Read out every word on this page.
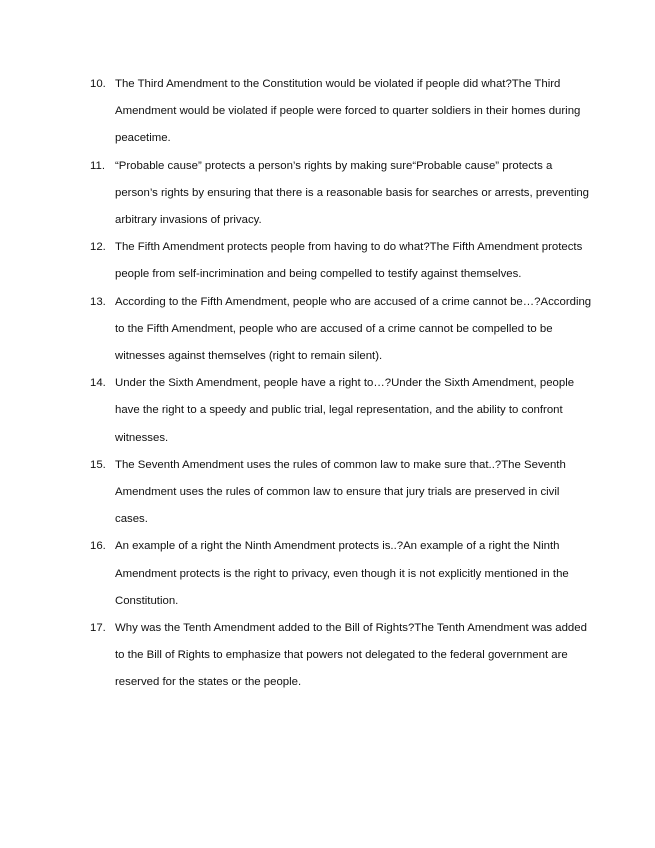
10. The Third Amendment to the Constitution would be violated if people did what?The Third Amendment would be violated if people were forced to quarter soldiers in their homes during peacetime.
11. “Probable cause” protects a person’s rights by making sure“Probable cause” protects a person’s rights by ensuring that there is a reasonable basis for searches or arrests, preventing arbitrary invasions of privacy.
12. The Fifth Amendment protects people from having to do what?The Fifth Amendment protects people from self-incrimination and being compelled to testify against themselves.
13. According to the Fifth Amendment, people who are accused of a crime cannot be…?According to the Fifth Amendment, people who are accused of a crime cannot be compelled to be witnesses against themselves (right to remain silent).
14. Under the Sixth Amendment, people have a right to…?Under the Sixth Amendment, people have the right to a speedy and public trial, legal representation, and the ability to confront witnesses.
15. The Seventh Amendment uses the rules of common law to make sure that..?The Seventh Amendment uses the rules of common law to ensure that jury trials are preserved in civil cases.
16. An example of a right the Ninth Amendment protects is..?An example of a right the Ninth Amendment protects is the right to privacy, even though it is not explicitly mentioned in the Constitution.
17. Why was the Tenth Amendment added to the Bill of Rights?The Tenth Amendment was added to the Bill of Rights to emphasize that powers not delegated to the federal government are reserved for the states or the people.
